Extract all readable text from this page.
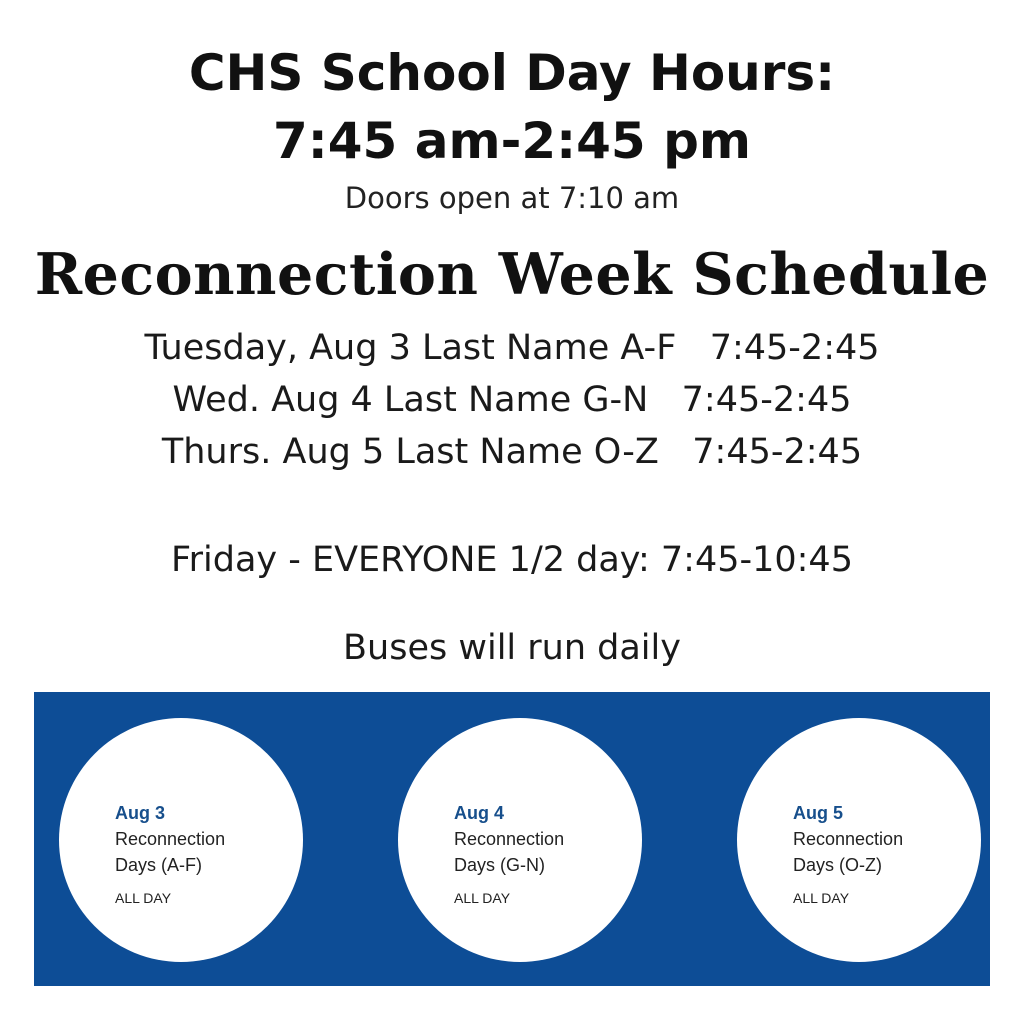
CHS School Day Hours:
7:45 am-2:45 pm
Doors open at 7:10 am
Reconnection Week Schedule
Tuesday, Aug 3 Last Name A-F   7:45-2:45
Wed. Aug 4 Last Name G-N   7:45-2:45
Thurs. Aug 5 Last Name O-Z   7:45-2:45
Friday - EVERYONE 1/2 day: 7:45-10:45
Buses will run daily
Aug 3
Reconnection
Days (A-F)
ALL DAY
Aug 4
Reconnection
Days (G-N)
ALL DAY
Aug 5
Reconnection
Days (O-Z)
ALL DAY
